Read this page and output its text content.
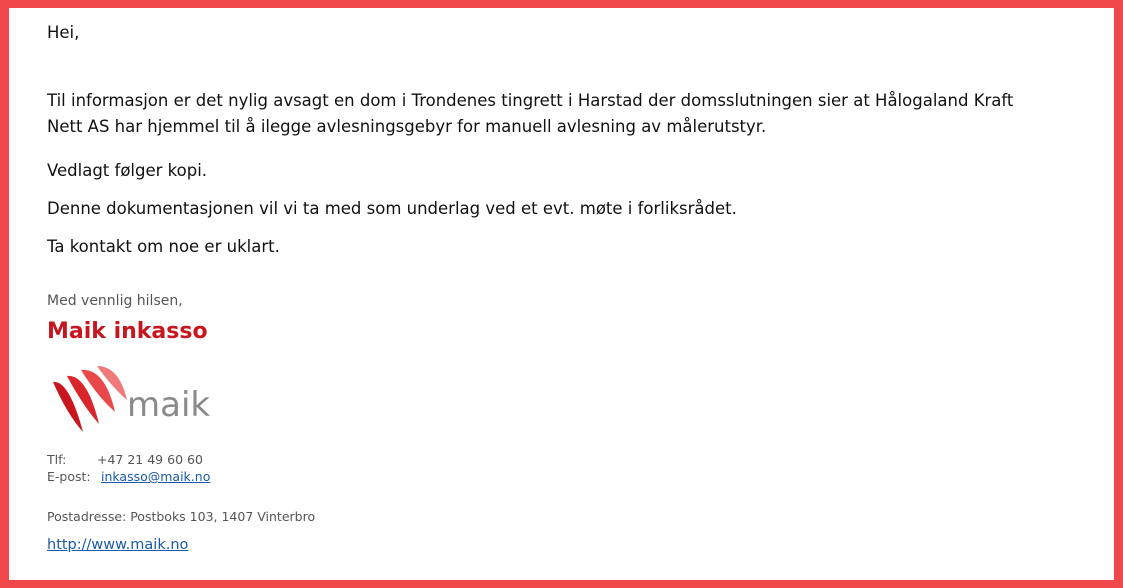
Hei,

Til informasjon er det nylig avsagt en dom i Trondenes tingrett i Harstad der domsslutningen sier at Hålogaland Kraft

Nett AS har hjemmel til å ilegge avlesningsgebyr for manuell avlesning av målerutstyr.

Vedlagt følger kopi.

Denne dokumentasjonen vil vi ta med som underlag ved et evt. møte i forliksrådet.

Ta kontakt om noe er uklart.

Med vennlig hilsen,
Maik inkasso
maik
Tlf:	+47 21 49 60 60
E-post: inkasso@maik.no
Postadresse: Postboks 103, 1407 Vinterbro
http://www.maik.no
